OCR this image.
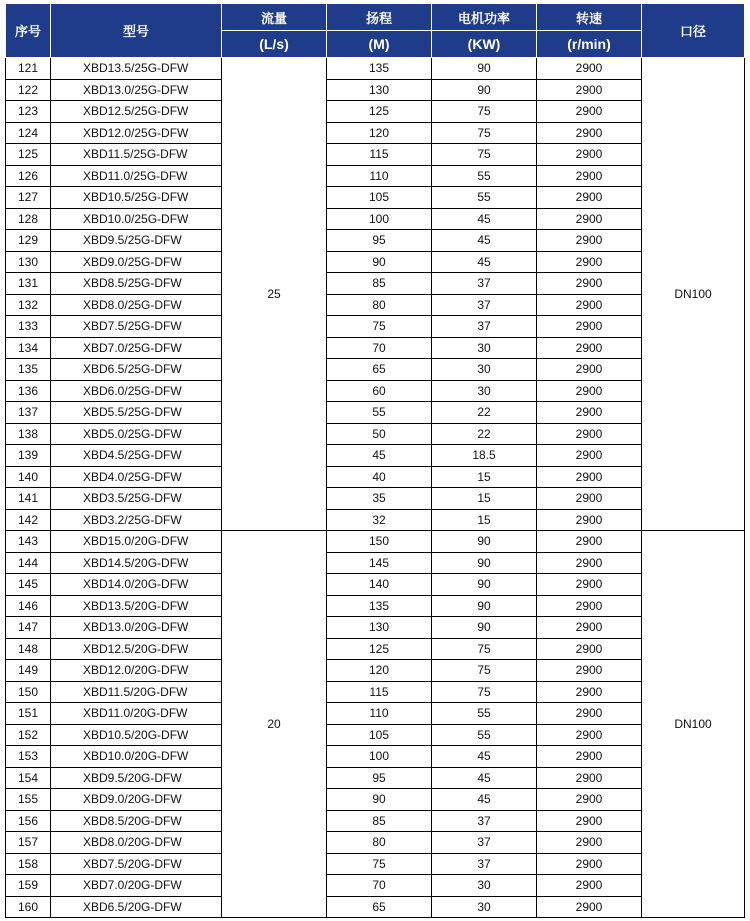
序号	型号	流量	扬程	电机功率	转速	口径
		(L/s)	(M)	(KW)	(r/min)	
121	XBD13.5/25G-DFW	25	135	90	2900	DN100
122	XBD13.0/25G-DFW		130	90	2900	
123	XBD12.5/25G-DFW		125	75	2900	
124	XBD12.0/25G-DFW		120	75	2900	
125	XBD11.5/25G-DFW		115	75	2900	
126	XBD11.0/25G-DFW		110	55	2900	
127	XBD10.5/25G-DFW		105	55	2900	
128	XBD10.0/25G-DFW		100	45	2900	
129	XBD9.5/25G-DFW		95	45	2900	
130	XBD9.0/25G-DFW		90	45	2900	
131	XBD8.5/25G-DFW		85	37	2900	
132	XBD8.0/25G-DFW		80	37	2900	
133	XBD7.5/25G-DFW		75	37	2900	
134	XBD7.0/25G-DFW		70	30	2900	
135	XBD6.5/25G-DFW		65	30	2900	
136	XBD6.0/25G-DFW		60	30	2900	
137	XBD5.5/25G-DFW		55	22	2900	
138	XBD5.0/25G-DFW		50	22	2900	
139	XBD4.5/25G-DFW		45	18.5	2900	
140	XBD4.0/25G-DFW		40	15	2900	
141	XBD3.5/25G-DFW		35	15	2900	
142	XBD3.2/25G-DFW		32	15	2900	
143	XBD15.0/20G-DFW	20	150	90	2900	DN100
144	XBD14.5/20G-DFW		145	90	2900	
145	XBD14.0/20G-DFW		140	90	2900	
146	XBD13.5/20G-DFW		135	90	2900	
147	XBD13.0/20G-DFW		130	90	2900	
148	XBD12.5/20G-DFW		125	75	2900	
149	XBD12.0/20G-DFW		120	75	2900	
150	XBD11.5/20G-DFW		115	75	2900	
151	XBD11.0/20G-DFW		110	55	2900	
152	XBD10.5/20G-DFW		105	55	2900	
153	XBD10.0/20G-DFW		100	45	2900	
154	XBD9.5/20G-DFW		95	45	2900	
155	XBD9.0/20G-DFW		90	45	2900	
156	XBD8.5/20G-DFW		85	37	2900	
157	XBD8.0/20G-DFW		80	37	2900	
158	XBD7.5/20G-DFW		75	37	2900	
159	XBD7.0/20G-DFW		70	30	2900	
160	XBD6.5/20G-DFW		65	30	2900	
